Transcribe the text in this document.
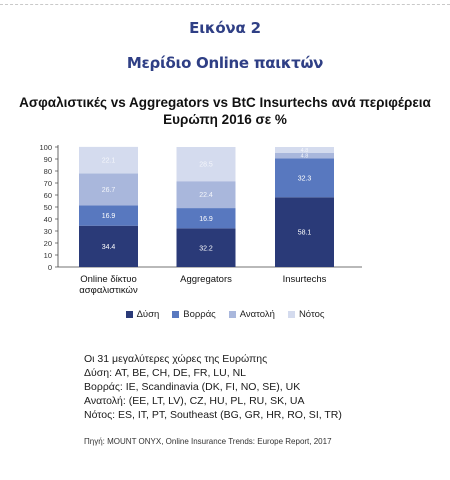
Εικόνα 2
Μερίδιο Online παικτών
Ασφαλιστικές vs Aggregators vs BtC Insurtechs ανά περιφέρεια Ευρώπη 2016 σε %
0
10
20
30
40
50
60
70
80
90
100
34.4
16.9
26.7
22.1
Online δίκτυο
ασφαλιστικών
32.2
16.9
22.4
28.5
Aggregators
58.1
32.3
4.8
4.8
Insurtechs
Δύση	Βορράς	Ανατολή	Νότος
Οι 31 μεγαλύτερες χώρες της Ευρώπης
Δύση: AT, BE, CH, DE, FR, LU, NL
Βορράς: IE, Scandinavia (DK, FI, NO, SE), UK
Ανατολή: (EE, LT, LV), CZ, HU, PL, RU, SK, UA
Νότος: ES, IT, PT, Southeast (BG, GR, HR, RO, SI, TR)
Πηγή: MOUNT ONYX, Online Insurance Trends: Europe Report, 2017
